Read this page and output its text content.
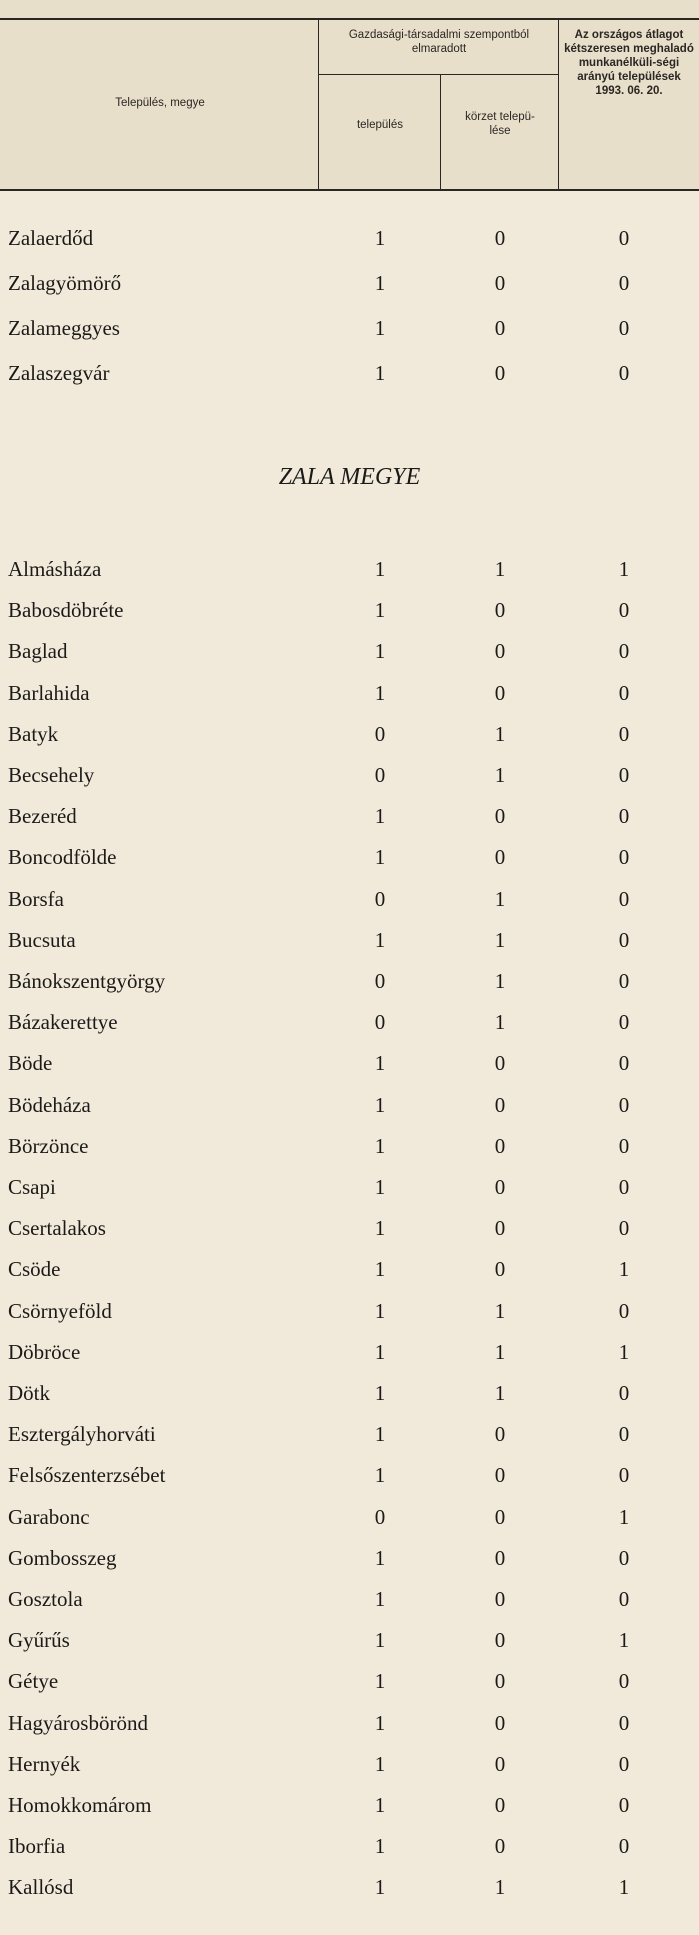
Település, megye
Gazdasági-társadalmi szempontból elmaradott
település
körzet telepü-lése
Az országos átlagot kétszeresen meghaladó munkanélküli-ségi arányú települések 1993. 06. 20.
Zalaerdőd	1	0	0
Zalagyömörő	1	0	0
Zalameggyes	1	0	0
Zalaszegvár	1	0	0
ZALA MEGYE
Almásháza	1	1	1
Babosdöbréte	1	0	0
Baglad	1	0	0
Barlahida	1	0	0
Batyk	0	1	0
Becsehely	0	1	0
Bezeréd	1	0	0
Boncodfölde	1	0	0
Borsfa	0	1	0
Bucsuta	1	1	0
Bánokszentgyörgy	0	1	0
Bázakerettye	0	1	0
Böde	1	0	0
Bödeháza	1	0	0
Börzönce	1	0	0
Csapi	1	0	0
Csertalakos	1	0	0
Csöde	1	0	1
Csörnyeföld	1	1	0
Döbröce	1	1	1
Dötk	1	1	0
Esztergályhorváti	1	0	0
Felsőszenterzsébet	1	0	0
Garabonc	0	0	1
Gombosszeg	1	0	0
Gosztola	1	0	0
Gyűrűs	1	0	1
Gétye	1	0	0
Hagyárosbörönd	1	0	0
Hernyék	1	0	0
Homokkomárom	1	0	0
Iborfia	1	0	0
Kallósd	1	1	1
